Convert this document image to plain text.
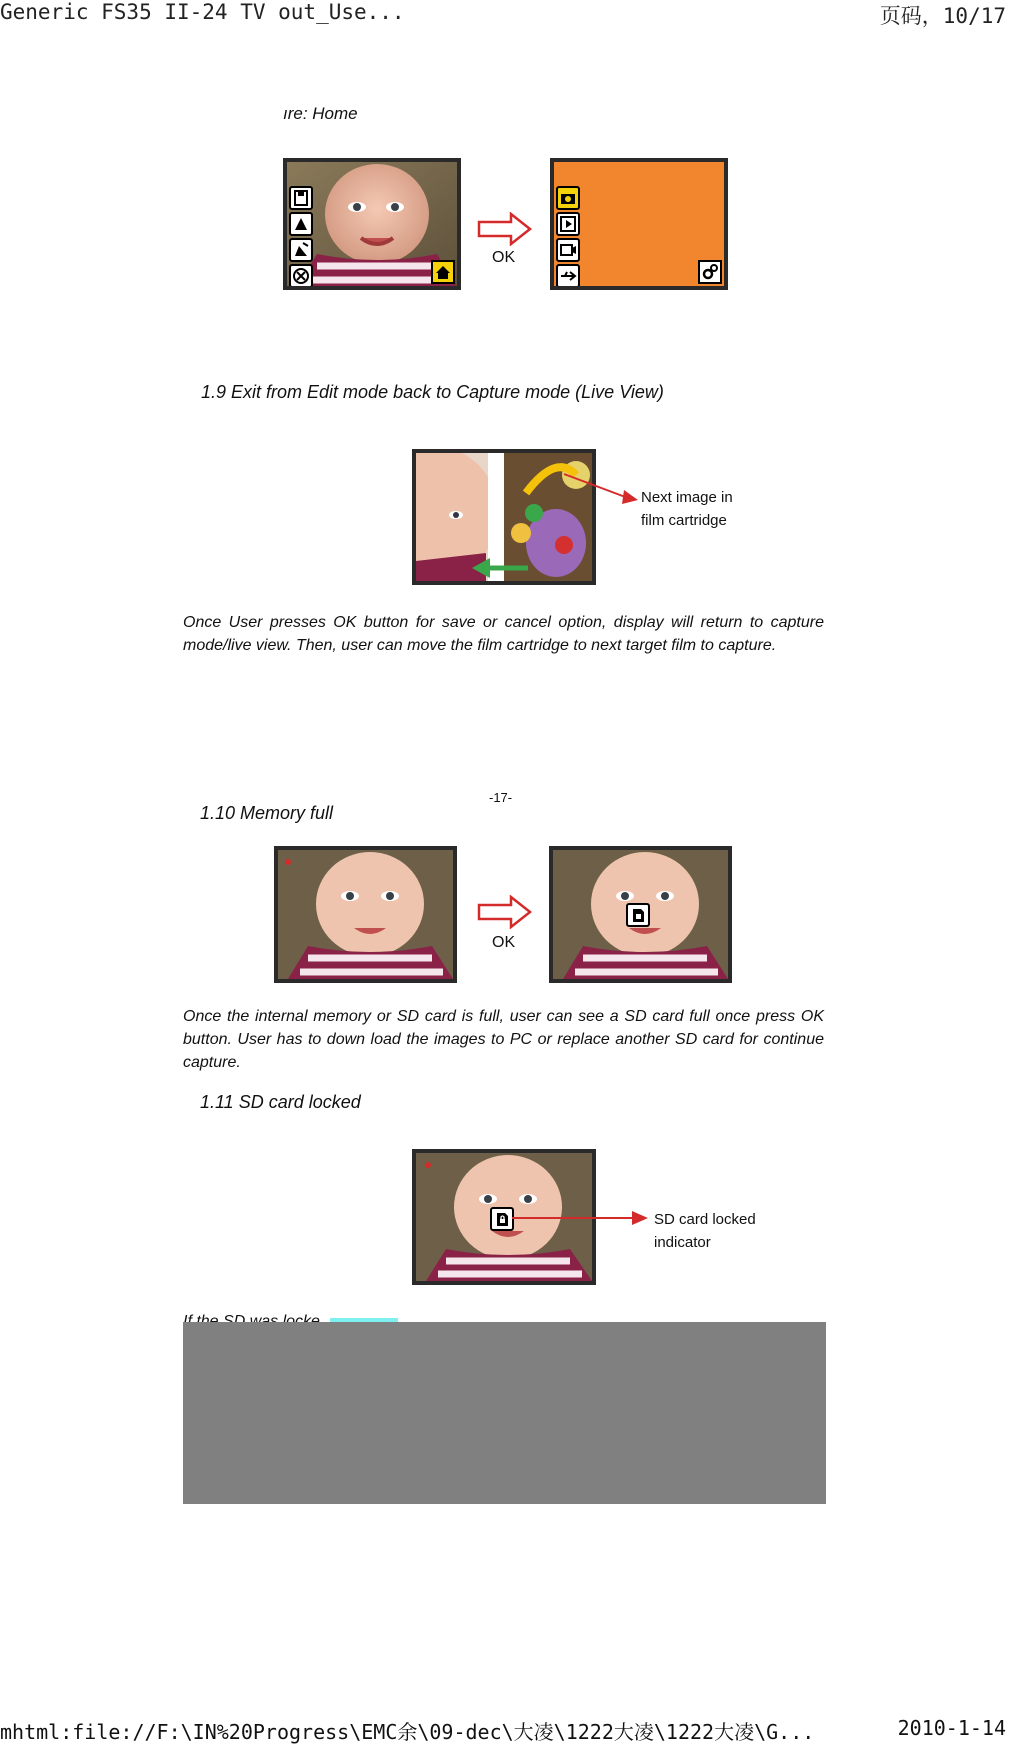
Generic FS35 II-24 TV out_Use...	页码，10/17
ıre: Home
OK
1.9 Exit from Edit mode back to Capture mode (Live View)
Next image in
film cartridge
Once User presses OK button for save or cancel option, display will return to capture mode/live view. Then, user can move the film cartridge to next target film to capture.
-17-
1.10 Memory full
OK
Once the internal memory or SD card is full, user can see a SD card full once press OK button. User has to down load the images to PC or replace another SD card for continue capture.
1.11 SD card locked
SD card locked
indicator
mhtml:file://F:\IN%20Progress\EMC余\09-dec\大凌\1222大凌\1222大凌\G...	2010-1-14
